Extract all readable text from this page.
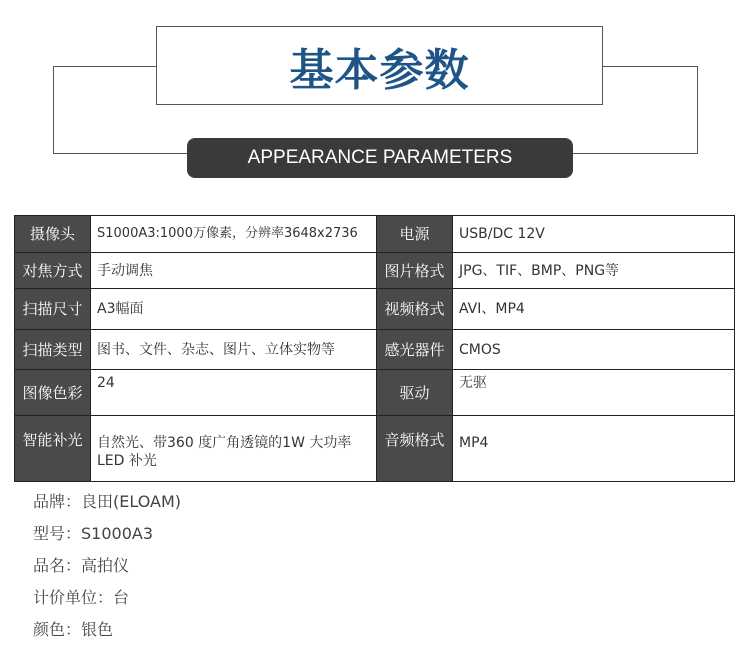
基本参数
APPEARANCE PARAMETERS
摄像头	S1000A3:1000万像素，分辨率3648x2736	电源	USB/DC 12V
对焦方式	手动调焦	图片格式	JPG、TIF、BMP、PNG等
扫描尺寸	A3幅面	视频格式	AVI、MP4
扫描类型	图书、文件、杂志、图片、立体实物等	感光器件	CMOS
图像色彩	24	驱动	无驱
智能补光	自然光、带360 度广角透镜的1W 大功率LED 补光	音频格式	MP4
品牌：良田(ELOAM)
型号：S1000A3
品名：高拍仪
计价单位：台
颜色：银色
